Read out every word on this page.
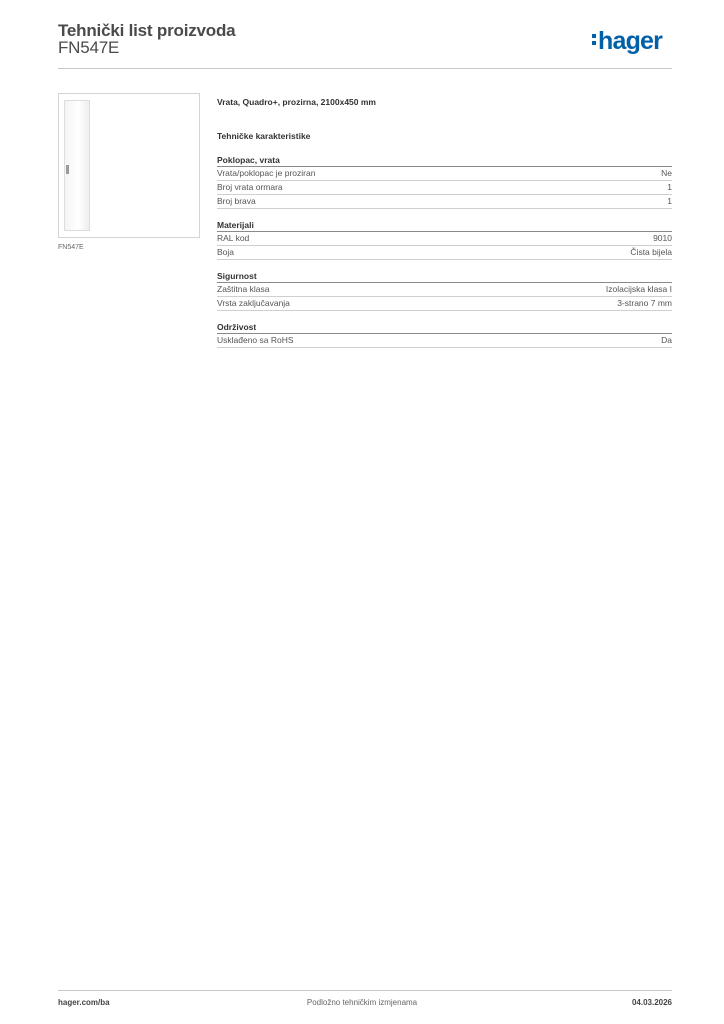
Tehnički list proizvoda
FN547E	hager
FN547E
Vrata, Quadro+, prozirna, 2100x450 mm
Tehničke karakteristike
Poklopac, vrata
Vrata/poklopac je proziran	Ne
Broj vrata ormara	1
Broj brava	1
Materijali
RAL kod	9010
Boja	Čista bijela
Sigurnost
Zaštitna klasa	Izolacijska klasa I
Vrsta zaključavanja	3-strano 7 mm
Održivost
Usklađeno sa RoHS	Da
hager.com/ba	Podložno tehničkim izmjenama	04.03.2026
